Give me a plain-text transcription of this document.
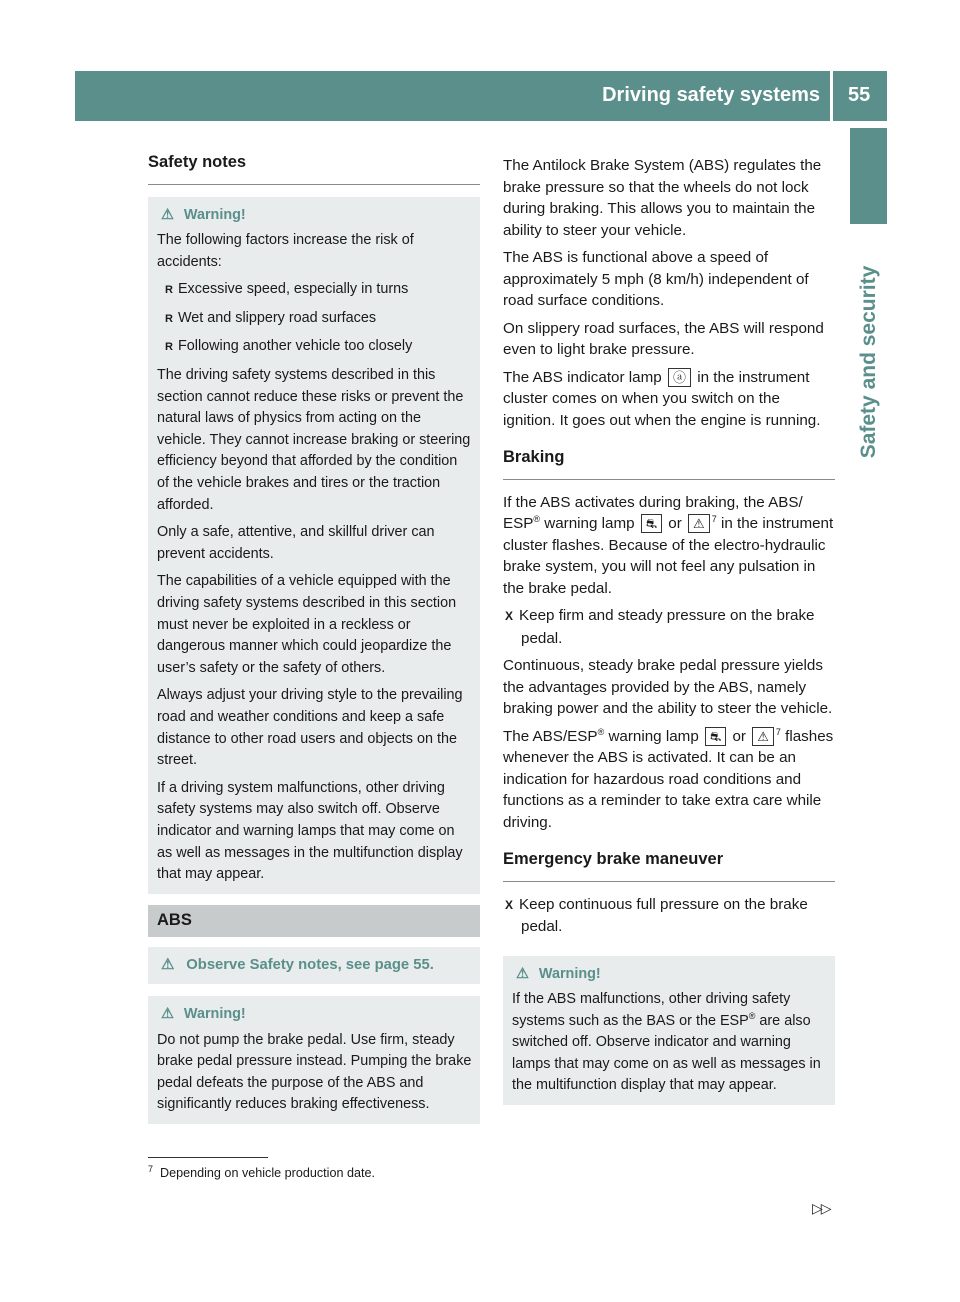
Driving safety systems 55
Safety and security
Safety notes
⚠ Warning!

The following factors increase the risk of accidents:

R Excessive speed, especially in turns

R Wet and slippery road surfaces

R Following another vehicle too closely

The driving safety systems described in this section cannot reduce these risks or prevent the natural laws of physics from acting on the vehicle. They cannot increase braking or steering efficiency beyond that afforded by the condition of the vehicle brakes and tires or the traction afforded.

Only a safe, attentive, and skillful driver can prevent accidents.

The capabilities of a vehicle equipped with the driving safety systems described in this section must never be exploited in a reckless or dangerous manner which could jeopardize the user’s safety or the safety of others.

Always adjust your driving style to the prevailing road and weather conditions and keep a safe distance to other road users and objects on the street.

If a driving system malfunctions, other driving safety systems may also switch off. Observe indicator and warning lamps that may come on as well as messages in the multifunction display that may appear.

ABS
⚠ Observe Safety notes, see page 55.
⚠ Warning!

Do not pump the brake pedal. Use firm, steady brake pedal pressure instead. Pumping the brake pedal defeats the purpose of the ABS and significantly reduces braking effectiveness.

The Antilock Brake System (ABS) regulates the brake pressure so that the wheels do not lock during braking. This allows you to maintain the ability to steer your vehicle.

The ABS is functional above a speed of approximately 5 mph (8 km/h) independent of road surface conditions.

On slippery road surfaces, the ABS will respond even to light brake pressure.

The ABS indicator lamp ⓐ in the instrument cluster comes on when you switch on the ignition. It goes out when the engine is running.

Braking

If the ABS activates during braking, the ABS/ ESP® warning lamp ⛐ or ⚠ $^7$ in the instrument cluster flashes. Because of the electro-hydraulic brake system, you will not feel any pulsation in the brake pedal.

X Keep firm and steady pressure on the brake pedal.

Continuous, steady brake pedal pressure yields the advantages provided by the ABS, namely braking power and the ability to steer the vehicle.

The ABS/ESP® warning lamp ⛐ or ⚠ $^7$ flashes whenever the ABS is activated. It can be an indication for hazardous road conditions and functions as a reminder to take extra care while driving.

Emergency brake maneuver

X Keep continuous full pressure on the brake pedal.

⚠ Warning!

If the ABS malfunctions, other driving safety systems such as the BAS or the ESP® are also switched off. Observe indicator and warning lamps that may come on as well as messages in the multifunction display that may appear.

$^7$ Depending on vehicle production date.
▷▷
